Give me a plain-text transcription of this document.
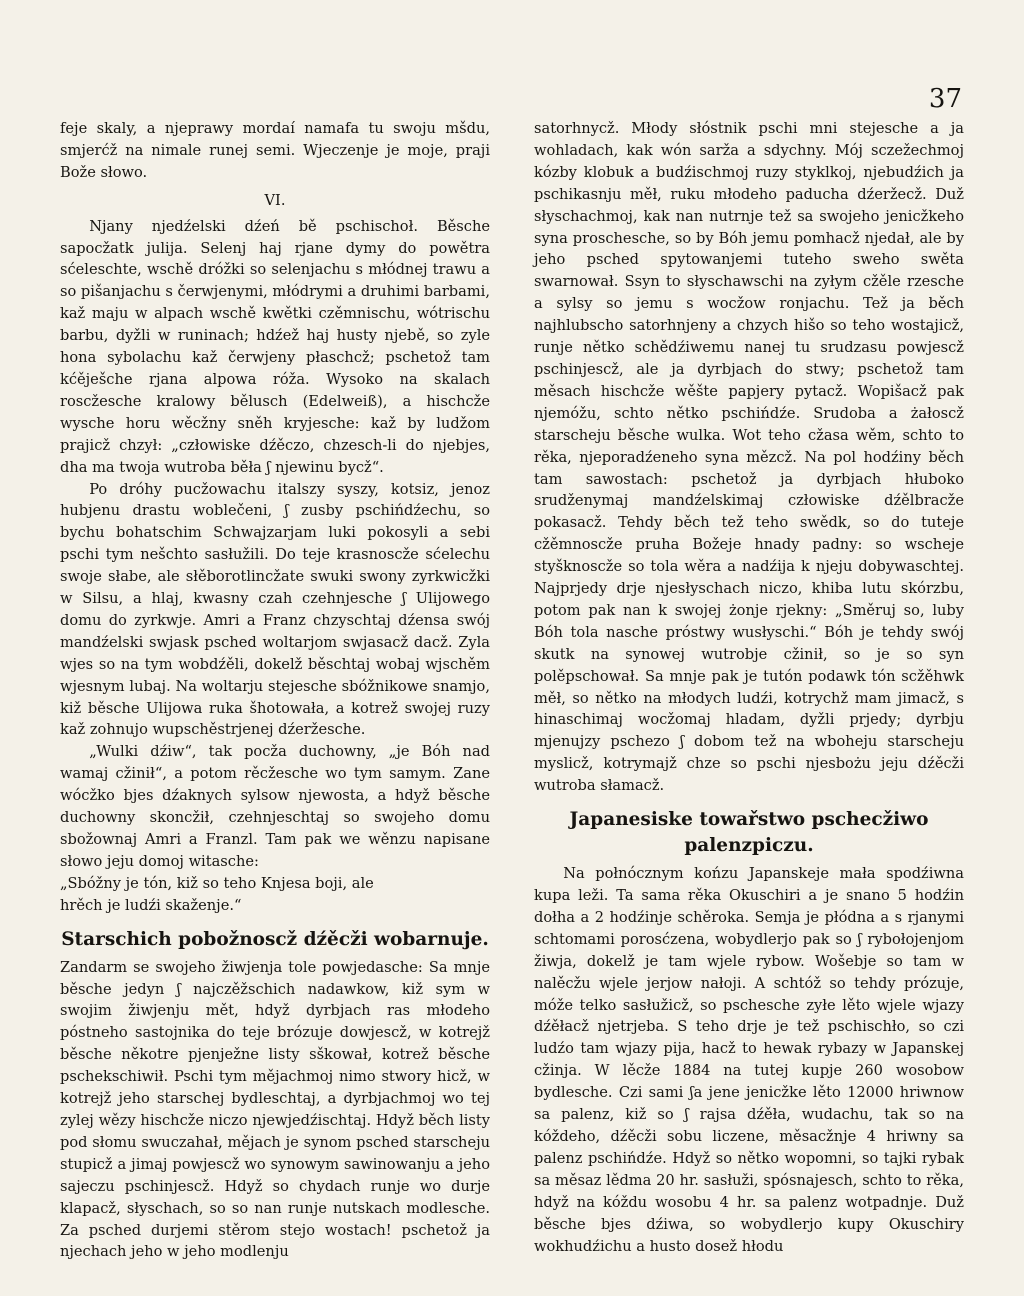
37

feje skaly, a njeprawy mordaí namafa tu swoju mšdu, smjerćž na nimale runej semi. Wjeczenje je moje, praji Bože słowo.

VI.

Njany njedźelski dźeń bě pschischoł. Běsche sapocžatk julija. Selenj haj rjane dymy do powětra sćeleschte, wschě dróžki so selenjachu s młódnej trawu a so pišanjachu s čerwjenymi, młódrymi a druhimi barbami, kaž maju w alpach wschě kwětki czěmnischu, wótrischu barbu, dyžli w runinach; hdźež haj husty njebě, so zyle hona sybolachu kaž čerwjeny płaschcž; pschetož tam kćěješche rjana alpowa róža. Wysoko na skalach roscžesche kralowy bělusch (Edelweiß), a hischcže wysche horu wěcžny sněh kryjesche: kaž by ludžom prajicž chzył: „człowiske dźěczo, chzesch-li do njebjes, dha ma twoja wutroba běła ʃ njewinu bycž“.

Po dróhy pucžowachu italszy syszy, kotsiz, jenoz hubjenu drastu woblečeni, ʃ zusby pschińdźechu, so bychu bohatschim Schwajzarjam luki pokosyli a sebi pschi tym nešchto sasłužili. Do teje krasnoscže sćelechu swoje słabe, ale słěborotlincžate swuki swony zyrkwicžki w Silsu, a hlaj, kwasny czah czehnjesche ʃ Ulijowego domu do zyrkwje. Amri a Franz chzyschtaj dźensa swój mandźelski swjask psched woltarjom swjasacž dacž. Zyla wjes so na tym wobdźěli, dokelž běschtaj wobaj wjschěm wjesnym lubaj. Na woltarju stejesche sbóžnikowe snamjo, kiž běsche Ulijowa ruka šhotowała, a kotrež swojej ruzy kaž zohnujo wupschěstrjenej dźeržesche.

„Wulki dźiw“, tak pocža duchowny, „je Bóh nad wamaj cžinił“, a potom rěcžesche wo tym samym. Zane wócžko bjes dźaknych sylsow njewosta, a hdyž běsche duchowny skoncžił, czehnjeschtaj so swojeho domu sbožownaj Amri a Franzl. Tam pak we wěnzu napisane słowo jeju domoj witasche:

„Sbóžny je tón, kiž so teho Knjesa boji, ale

hrěch je ludźi skaženje.“

Starschich pobožnoscž dźěcži wobarnuje.

Zandarm se swojeho žiwjenja tole powjedasche: Sa mnje běsche jedyn ʃ najczěžschich nadawkow, kiž sym w swojim žiwjenju mět, hdyž dyrbjach ras młodeho póstneho sastojnika do teje brózuje dowjescž, w kotrejž běsche někotre pjenježne listy sškował, kotrež běsche pschekschiwił. Pschi tym mějachmoj nimo stwory hicž, w kotrejž jeho starschej bydleschtaj, a dyrbjachmoj wo tej zylej wězy hischcže niczo njewjedźischtaj. Hdyž běch listy pod słomu swuczahał, mějach je synom psched starscheju stupicž a jimaj powjescž wo synowym sawinowanju a jeho sajeczu pschinjescž. Hdyž so chydach runje wo durje klapacž, słyschach, so so nan runje nutskach modlesche. Za psched durjemi stěrom stejo wostach! pschetož ja njechach jeho w jeho modlenju

satorhnycž. Młody słóstnik pschi mni stejesche a ja wohladach, kak wón sarža a sdychny. Mój sczežechmoj kózby klobuk a budźischmoj ruzy styklkoj, njebudźich ja pschikasnju měł, ruku młodeho paducha dźeržecž. Duž słyschachmoj, kak nan nutrnje tež sa swojeho jenicžkeho syna proschesche, so by Bóh jemu pomhacž njedał, ale by jeho psched spytowanjemi tuteho sweho swěta swarnował. Ssyn to słyschawschi na zyłym cžěle rzesche a sylsy so jemu s wocžow ronjachu. Tež ja běch najhlubscho satorhnjeny a chzych hišo so teho wostajicž, runje nětko schědźiwemu nanej tu srudzasu powjescž pschinjescž, ale ja dyrbjach do stwy; pschetož tam měsach hischcže wěšte papjery pytacž. Wopišacž pak njemóžu, schto nětko pschińdźe. Srudoba a żałoscž starscheju běsche wulka. Wot teho cžasa wěm, schto to rěka, njeporadźeneho syna mězcž. Na pol hodźiny běch tam sawostach: pschetož ja dyrbjach hłuboko srudženymaj mandźelskimaj człowiske dźělbracže pokasacž. Tehdy běch tež teho swědk, so do tuteje cžěmnoscže pruha Božeje hnady padny: so wscheje styšknoscže so tola wěra a nadźija k njeju dobywaschtej. Najprjedy drje njesłyschach niczo, khiba lutu skórzbu, potom pak nan k swojej żonje rjekny: „Směruj so, luby Bóh tola nasche próstwy wusłyschi.“ Bóh je tehdy swój skutk na synowej wutrobje cžinił, so je so syn polěpschował. Sa mnje pak je tutón podawk tón scžěhwk měł, so nětko na młodych ludźi, kotrychž mam jimacž, s hinaschimaj wocžomaj hladam, dyžli prjedy; dyrbju mjenujzy pschezo ʃ dobom tež na wboheju starscheju myslicž, kotrymajž chze so pschi njesbożu jeju dźěcži wutroba słamacž.

Japanesiske towařstwo pschecžiwo palenzpiczu.

Na połnócznym końzu Japanskeje mała spodźiwna kupa leži. Ta sama rěka Okuschiri a je snano 5 hodźin dołha a 2 hodźinje schěroka. Semja je płódna a s rjanymi schtomami porosćzena, wobydlerjo pak so ʃ rybołojenjom žiwja, dokelž je tam wjele rybow. Wošebje so tam w nalěcžu wjele jerjow nałoji. A schtóž so tehdy prózuje, móže telko sasłužicž, so pschesche zyłe lěto wjele wjazy dźěłacž njetrjeba. S teho drje je tež pschischło, so czi ludźo tam wjazy pija, hacž to hewak rybazy w Japanskej cžinja. W lěcže 1884 na tutej kupje 260 wosobow bydlesche. Czi sami ʃa jene jenicžke lěto 12000 hriwnow sa palenz, kiž so ʃ rajsa dźěła, wudachu, tak so na kóždeho, dźěcži sobu liczene, měsacžnje 4 hriwny sa palenz pschińdźe. Hdyž so nětko wopomni, so tajki rybak sa měsaz lědma 20 hr. sasłuži, spósnajesch, schto to rěka, hdyž na kóždu wosobu 4 hr. sa palenz wotpadnje. Duž běsche bjes dźiwa, so wobydlerjo kupy Okuschiry wokhudźichu a husto dosež hłodu
